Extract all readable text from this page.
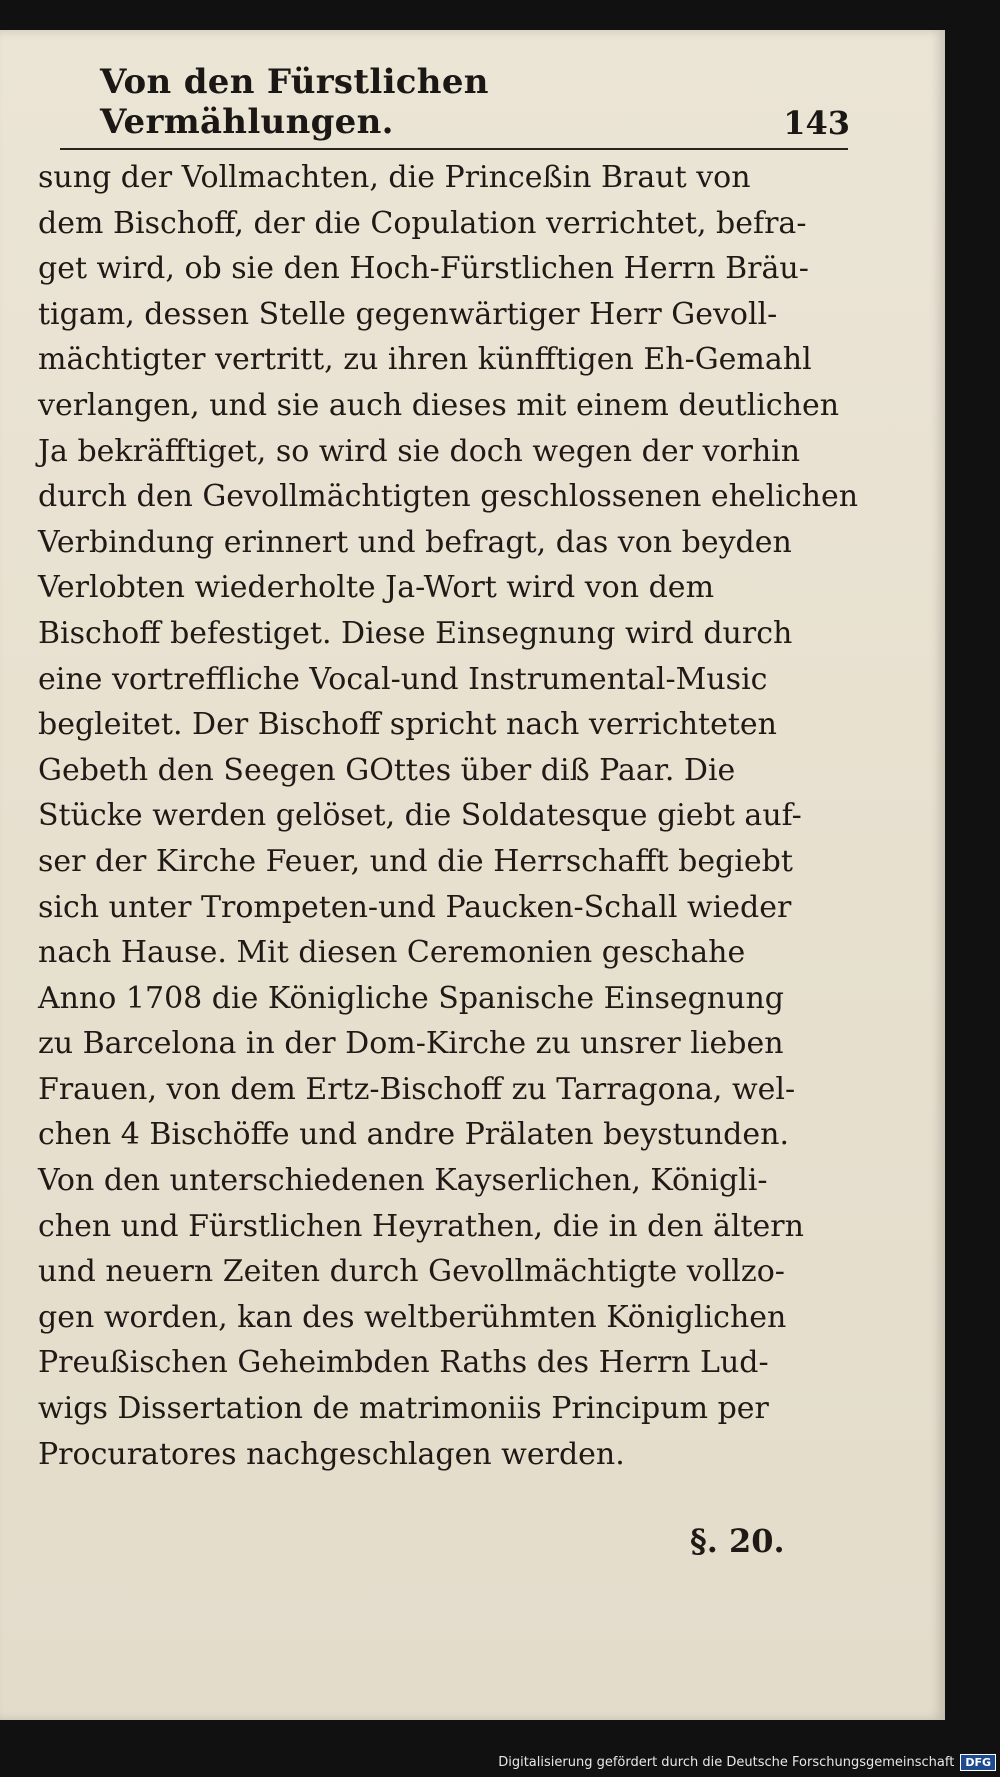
Von den Fürstlichen Vermählungen.	143
sung der Vollmachten, die Princeßin Braut von
dem Bischoff, der die Copulation verrichtet, befra-
get wird, ob sie den Hoch-Fürstlichen Herrn Bräu-
tigam, dessen Stelle gegenwärtiger Herr Gevoll-
mächtigter vertritt, zu ihren künfftigen Eh-Gemahl
verlangen, und sie auch dieses mit einem deutlichen
Ja bekräfftiget, so wird sie doch wegen der vorhin
durch den Gevollmächtigten geschlossenen ehelichen
Verbindung erinnert und befragt, das von beyden
Verlobten wiederholte Ja-Wort wird von dem
Bischoff befestiget. Diese Einsegnung wird durch
eine vortreffliche Vocal-und Instrumental-Music
begleitet. Der Bischoff spricht nach verrichteten
Gebeth den Seegen GOttes über diß Paar. Die
Stücke werden gelöset, die Soldatesque giebt auf-
ser der Kirche Feuer, und die Herrschafft begiebt
sich unter Trompeten-und Paucken-Schall wieder
nach Hause. Mit diesen Ceremonien geschahe
Anno 1708 die Königliche Spanische Einsegnung
zu Barcelona in der Dom-Kirche zu unsrer lieben
Frauen, von dem Ertz-Bischoff zu Tarragona, wel-
chen 4 Bischöffe und andre Prälaten beystunden.
Von den unterschiedenen Kayserlichen, Königli-
chen und Fürstlichen Heyrathen, die in den ältern
und neuern Zeiten durch Gevollmächtigte vollzo-
gen worden, kan des weltberühmten Königlichen
Preußischen Geheimbden Raths des Herrn Lud-
wigs Dissertation de matrimoniis Principum per
Procuratores nachgeschlagen werden.
§. 20.
Digitalisierung gefördert durch die Deutsche Forschungsgemeinschaft	DFG
